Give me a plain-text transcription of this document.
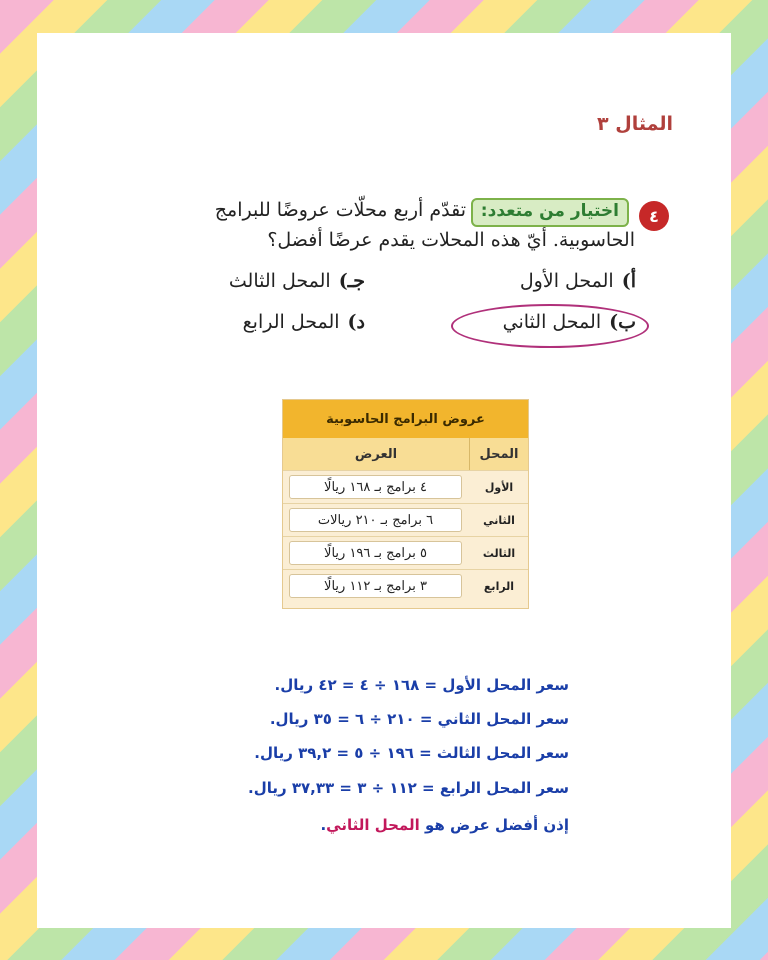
المثال ٣
٤
اختيار من متعدد:
تقدّم أربع محلّات عروضًا للبرامج
الحاسوبية. أيّ هذه المحلات يقدم عرضًا أفضل؟
أ)المحل الأول
جـ)المحل الثالث
ب)المحل الثاني
د)المحل الرابع
عروض البرامج الحاسوبية
المحل
العرض
الأول
٤ برامج بـ ١٦٨ ريالًا
الثاني
٦ برامج بـ ٢١٠ ريالات
الثالث
٥ برامج بـ ١٩٦ ريالًا
الرابع
٣ برامج بـ ١١٢ ريالًا
سعر المحل الأول = ١٦٨ ÷ ٤ = ٤٢ ريال.
سعر المحل الثاني = ٢١٠ ÷ ٦ = ٣٥ ريال.
سعر المحل الثالث = ١٩٦ ÷ ٥ = ٣٩,٢ ريال.
سعر المحل الرابع = ١١٢ ÷ ٣ = ٣٧,٣٣ ريال.
إذن أفضل عرض هو المحل الثاني.
